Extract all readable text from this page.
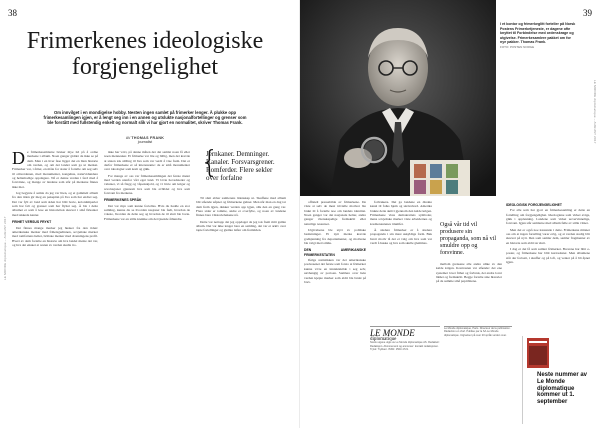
38
LE MONDE diplomatique – AUGUST 2017
Frimerkenes ideologiske forgjengelighet
Om innvilget i en mondigelse hobby. Nesten ingen samlet på frimerker lenger. Å plukke opp frimerkesamlingen igjen, er å lengt seg inn i en annen og utslukte nasjonalfortellinger og grenser som ble forstått med fullstendig enkelt og normalt slik vi har gjort en normalitet, skriver Thomas Frank.
AV THOMAS FRANK
journalist

De frimerkesamlerne bruker mye tid på å ordne merkene i album. Noen ganger gidder de ikke se på dem. Men i en hver fase ligger det en liten historie om verden, og om det landet som ga ut merket. Frimerker var, i årtier, en måte for stater å fortelle om seg selv til omverdenen, med monumenter, kongehus, naturvidundere og heltemodige oppdagere. Nå er denne verden i ferd med å forsvinne, og mange av landene som står på merkene finnes ikke mer.

Jeg begynte å samle da jeg var liten, og et gammelt album fra den tiden gir meg en pekepinn på hva som har endret seg. Det var fylt av land som siden har blitt borte, koloniimperier som har falt og grenser som har flyttet seg. Å bla i dette albumet er som å lese en historiebok skrevet i små firkanter med takkede kanter.

FRIHET VERSUS FRYKT

Det finnes mange merker jeg husker fra den tiden: amerikanske merker med frihetsgudinnen, sovjetiske merker med romfartens helter, britiske merker med dronningens profil. Hvert av dem fortalte en historie om hva landet mente det var, og hva det ønsket at resten av verden skulle tro.

ikke har vært, på denne måten der det samlet noen få eller noen mennesker. Et frimerke var lite og billig, men det krevde at staten tok stilling til hva som var verdt å vise frem. Det er derfor frimerkene er så interessante: de er små monumenter over ideologier som kom og gikk.

For mange av oss var frimerkesamlingen det første møtet med verden utenfor vårt eget land. Vi lærte hovedsteder og valutaer, vi så flagg og våpenskjold, og vi lærte om kriger og revolusjoner gjennom hva som ble avbildet og hva som forsvant fra merkene.

FRIMERKENES SPRÅK

Det var mye som kunne fortelles. Hvis du hadde en stor samling, kunne du se hvordan nasjoner ble født, hvordan de vokste, hvordan de delte seg og hvordan de til slutt ble borte. Frimerkene var en stille krønike om det tjuende århundre.

{
Jernkaner. Demninger. Kanaler. Forsvarsgrener. Romferder. Flere sekler over forfalne

Til slutt ebber samlerens lidenskap ut. Skuffene med album blir stående uåpnet og frimerkene gulner. Men når man en dag tar dem frem igjen, dukker verden opp igjen, slik den en gang var. Flere sider er tomme, andre er overfylte, og noen av landene finnes bare i historiebøkene nå.

Dette var nettopp det jeg oppdaget da jeg tok frem mitt gamle album. Det var ikke lenger bare en samling, det var et arkiv over tapte fortellinger og glemte løfter om fremtiden.

39
LE MONDE diplomatique – AUGUST 2017
I et kontor og frimerkeglitt forteller på Norsk Postens Frimerketjeneste, er dagene ofte knyttet til Forbindelse med ordenskrage og utgivelse. Frimerkesamlere pakket om for nye pakker. Thomas Frank.
FOTO: POSTEN NORGE

offisielt pressebilde av frimerkene. De viste at selv de mest trivielle motiver ble brukt til å fortelle noe om landets identitet. Noen ganger var det nasjonale helter, andre ganger vitenskapelige fremskritt eller naturlige ressurser.

Utgivelsene ble styrt av politiske beslutninger. Et nytt merke krevde godkjenning fra departementer, og motivene ble valgt med omhu.

DEN AMERIKANSKE FRIMERKESTATEN

Ifølge statistikken var det amerikanske postvesenet det første som forsto at frimerker kunne være en inntektskilde i seg selv, uavhengig av portoen. Samlere over hele verden kjøpte merker som aldri ble brukt på brev.

forbrukere. Det ga landene en direkte kanal til folks hjem og skrivebord. Amerika brukte dette aktivt gjennom den kalde krigen. Frimerkene viste demokratiets symboler, mens sovjetiske merker viste arbeidernes og kosmonautenes triumfer.

Å studere frimerker er å studere propaganda i sin mest uskyldige form. Bak hvert motiv lå det et valg om hva som var verdt å huske og hva som skulle glemmes.

Også vår tid vil produsere sin propaganda, som nå vil smuldre opp og forsvinne.

mellom grensene alle andre ulike av den kalde krigen. Kontrasten var slående: det ene systemet lovet frihet og forbruk, det andre lovet likhet og fremskritt. Begge fortalte sine historier på de samme små papirbitene.

IDEOLOGISK FORGJENGELIGHET

For alle som har gjort en frimerkesamling er dette en fortelling om forgjengelighet. Ideologiene som virket evige, gikk i oppløsning. Landene som virket uovervinnelige, forsvant. Igjen står samlerne med album fulle av stille vitner.

Men det er også noe trøstende i dette. Frimerkene minner oss om at ingen fortelling varer evig, og at verden stadig blir skrevet på nytt. Den som samler dem, samler fragmenter av en historie som aldri tar slutt.

I dag er det få som samler frimerker. Brevene har blitt e-poster, og frimerkene har blitt kuriositeter. Men albumene står der fortsatt, i skuffer og på loft, og venter på å bli åpnet igjen.

LE MONDE
diplomatique
Norsk utgave utgis av Le Monde diplomatique AS. Redaktør: Redaksjon. Abonnement og annonser: kontakt redaksjonen. Trykk: Trykkeri. ISSN: 1503-1721.
Le Monde diplomatique, Paris. Directeur de la publication. Rédaction en chef. Publiée par la SA Le Monde diplomatique. Utgivelser på over 20 språk verden over.
Neste nummer av Le Monde diplomatique kommer ut 1. september
